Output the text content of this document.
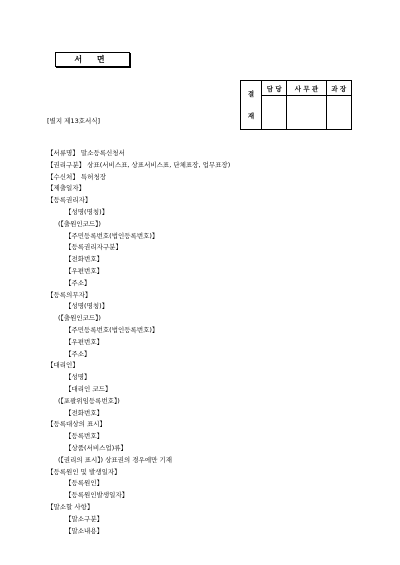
서 면
결

재	담 당	사 무 관	과 장

[별지 제13호서식]
【서류명】 말소등록신청서
【권리구분】 상표(서비스표, 상표서비스표, 단체표장, 업무표장)
【수신처】 특허청장
【제출일자】
【등록권리자】
【성명(명칭)】
(【출원인코드】)
【주민등록번호(법인등록번호)】
【등록권리자구분】
【전화번호】
【우편번호】
【주소】
【등록의무자】
【성명(명칭)】
(【출원인코드】)
【주민등록번호(법인등록번호)】
【우편번호】
【주소】
【대리인】
【성명】
【대리인 코드】
(【포괄위임등록번호】)
【전화번호】
【등록대상의 표시】
【등록번호】
【상품(서비스업)류】
(【권리의 표시】) 상표권의 경우에만 기재
【등록원인 및 발생일자】
【등록원인】
【등록원인발생일자】
【말소할 사항】
【말소구분】
【말소내용】
